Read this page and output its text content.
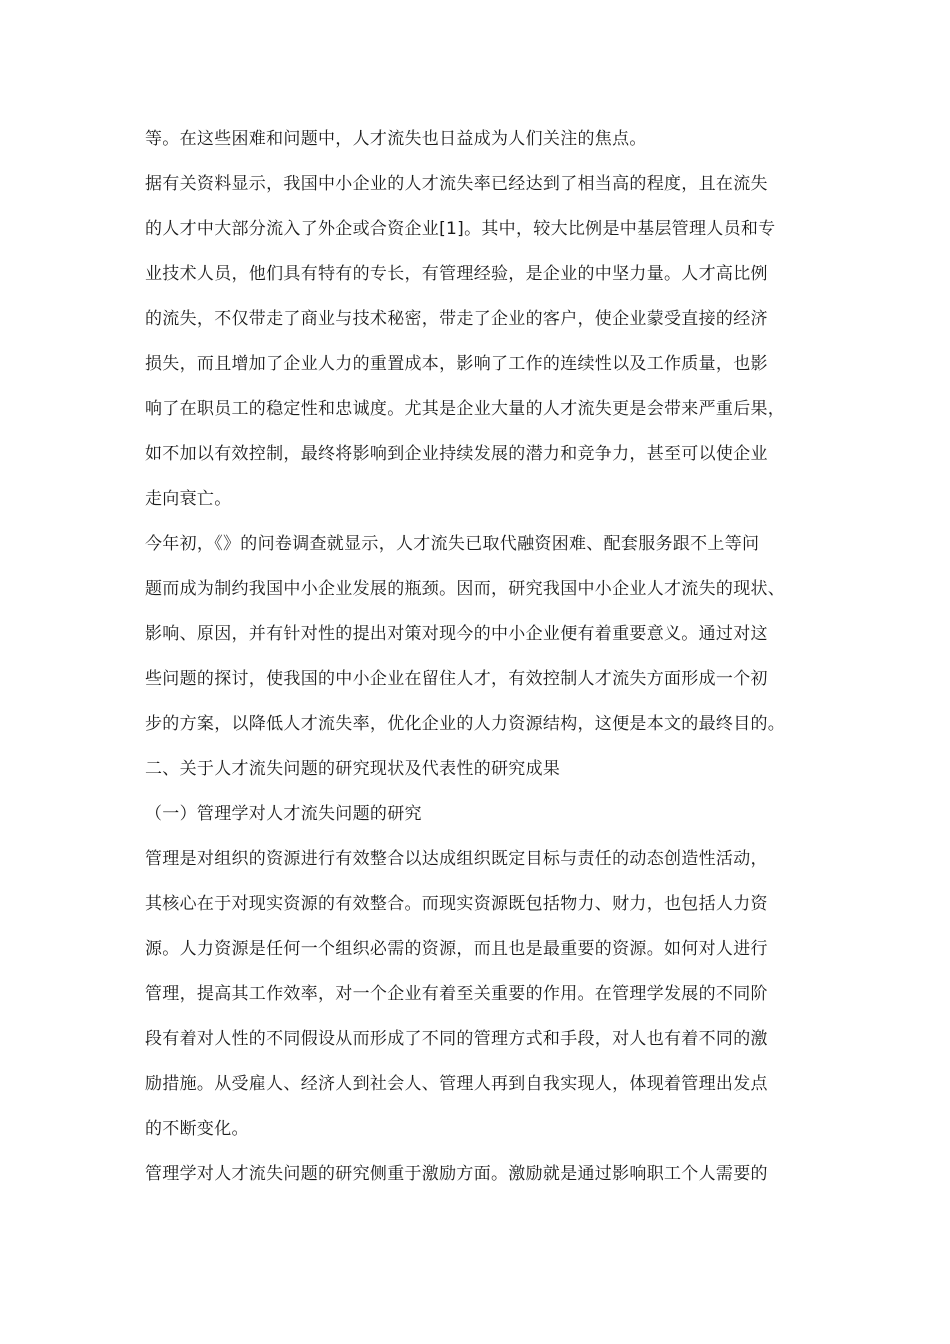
等。在这些困难和问题中，人才流失也日益成为人们关注的焦点。

据有关资料显示，我国中小企业的人才流失率已经达到了相当高的程度，且在流失

的人才中大部分流入了外企或合资企业[1]。其中，较大比例是中基层管理人员和专

业技术人员，他们具有特有的专长，有管理经验，是企业的中坚力量。人才高比例

的流失，不仅带走了商业与技术秘密，带走了企业的客户，使企业蒙受直接的经济

损失，而且增加了企业人力的重置成本，影响了工作的连续性以及工作质量，也影

响了在职员工的稳定性和忠诚度。尤其是企业大量的人才流失更是会带来严重后果，

如不加以有效控制，最终将影响到企业持续发展的潜力和竞争力，甚至可以使企业

走向衰亡。

今年初，《》的问卷调查就显示，人才流失已取代融资困难、配套服务跟不上等问

题而成为制约我国中小企业发展的瓶颈。因而，研究我国中小企业人才流失的现状、

影响、原因，并有针对性的提出对策对现今的中小企业便有着重要意义。通过对这

些问题的探讨，使我国的中小企业在留住人才，有效控制人才流失方面形成一个初

步的方案，以降低人才流失率，优化企业的人力资源结构，这便是本文的最终目的。

二、关于人才流失问题的研究现状及代表性的研究成果

（一）管理学对人才流失问题的研究

管理是对组织的资源进行有效整合以达成组织既定目标与责任的动态创造性活动，

其核心在于对现实资源的有效整合。而现实资源既包括物力、财力，也包括人力资

源。人力资源是任何一个组织必需的资源，而且也是最重要的资源。如何对人进行

管理，提高其工作效率，对一个企业有着至关重要的作用。在管理学发展的不同阶

段有着对人性的不同假设从而形成了不同的管理方式和手段，对人也有着不同的激

励措施。从受雇人、经济人到社会人、管理人再到自我实现人，体现着管理出发点

的不断变化。

管理学对人才流失问题的研究侧重于激励方面。激励就是通过影响职工个人需要的
